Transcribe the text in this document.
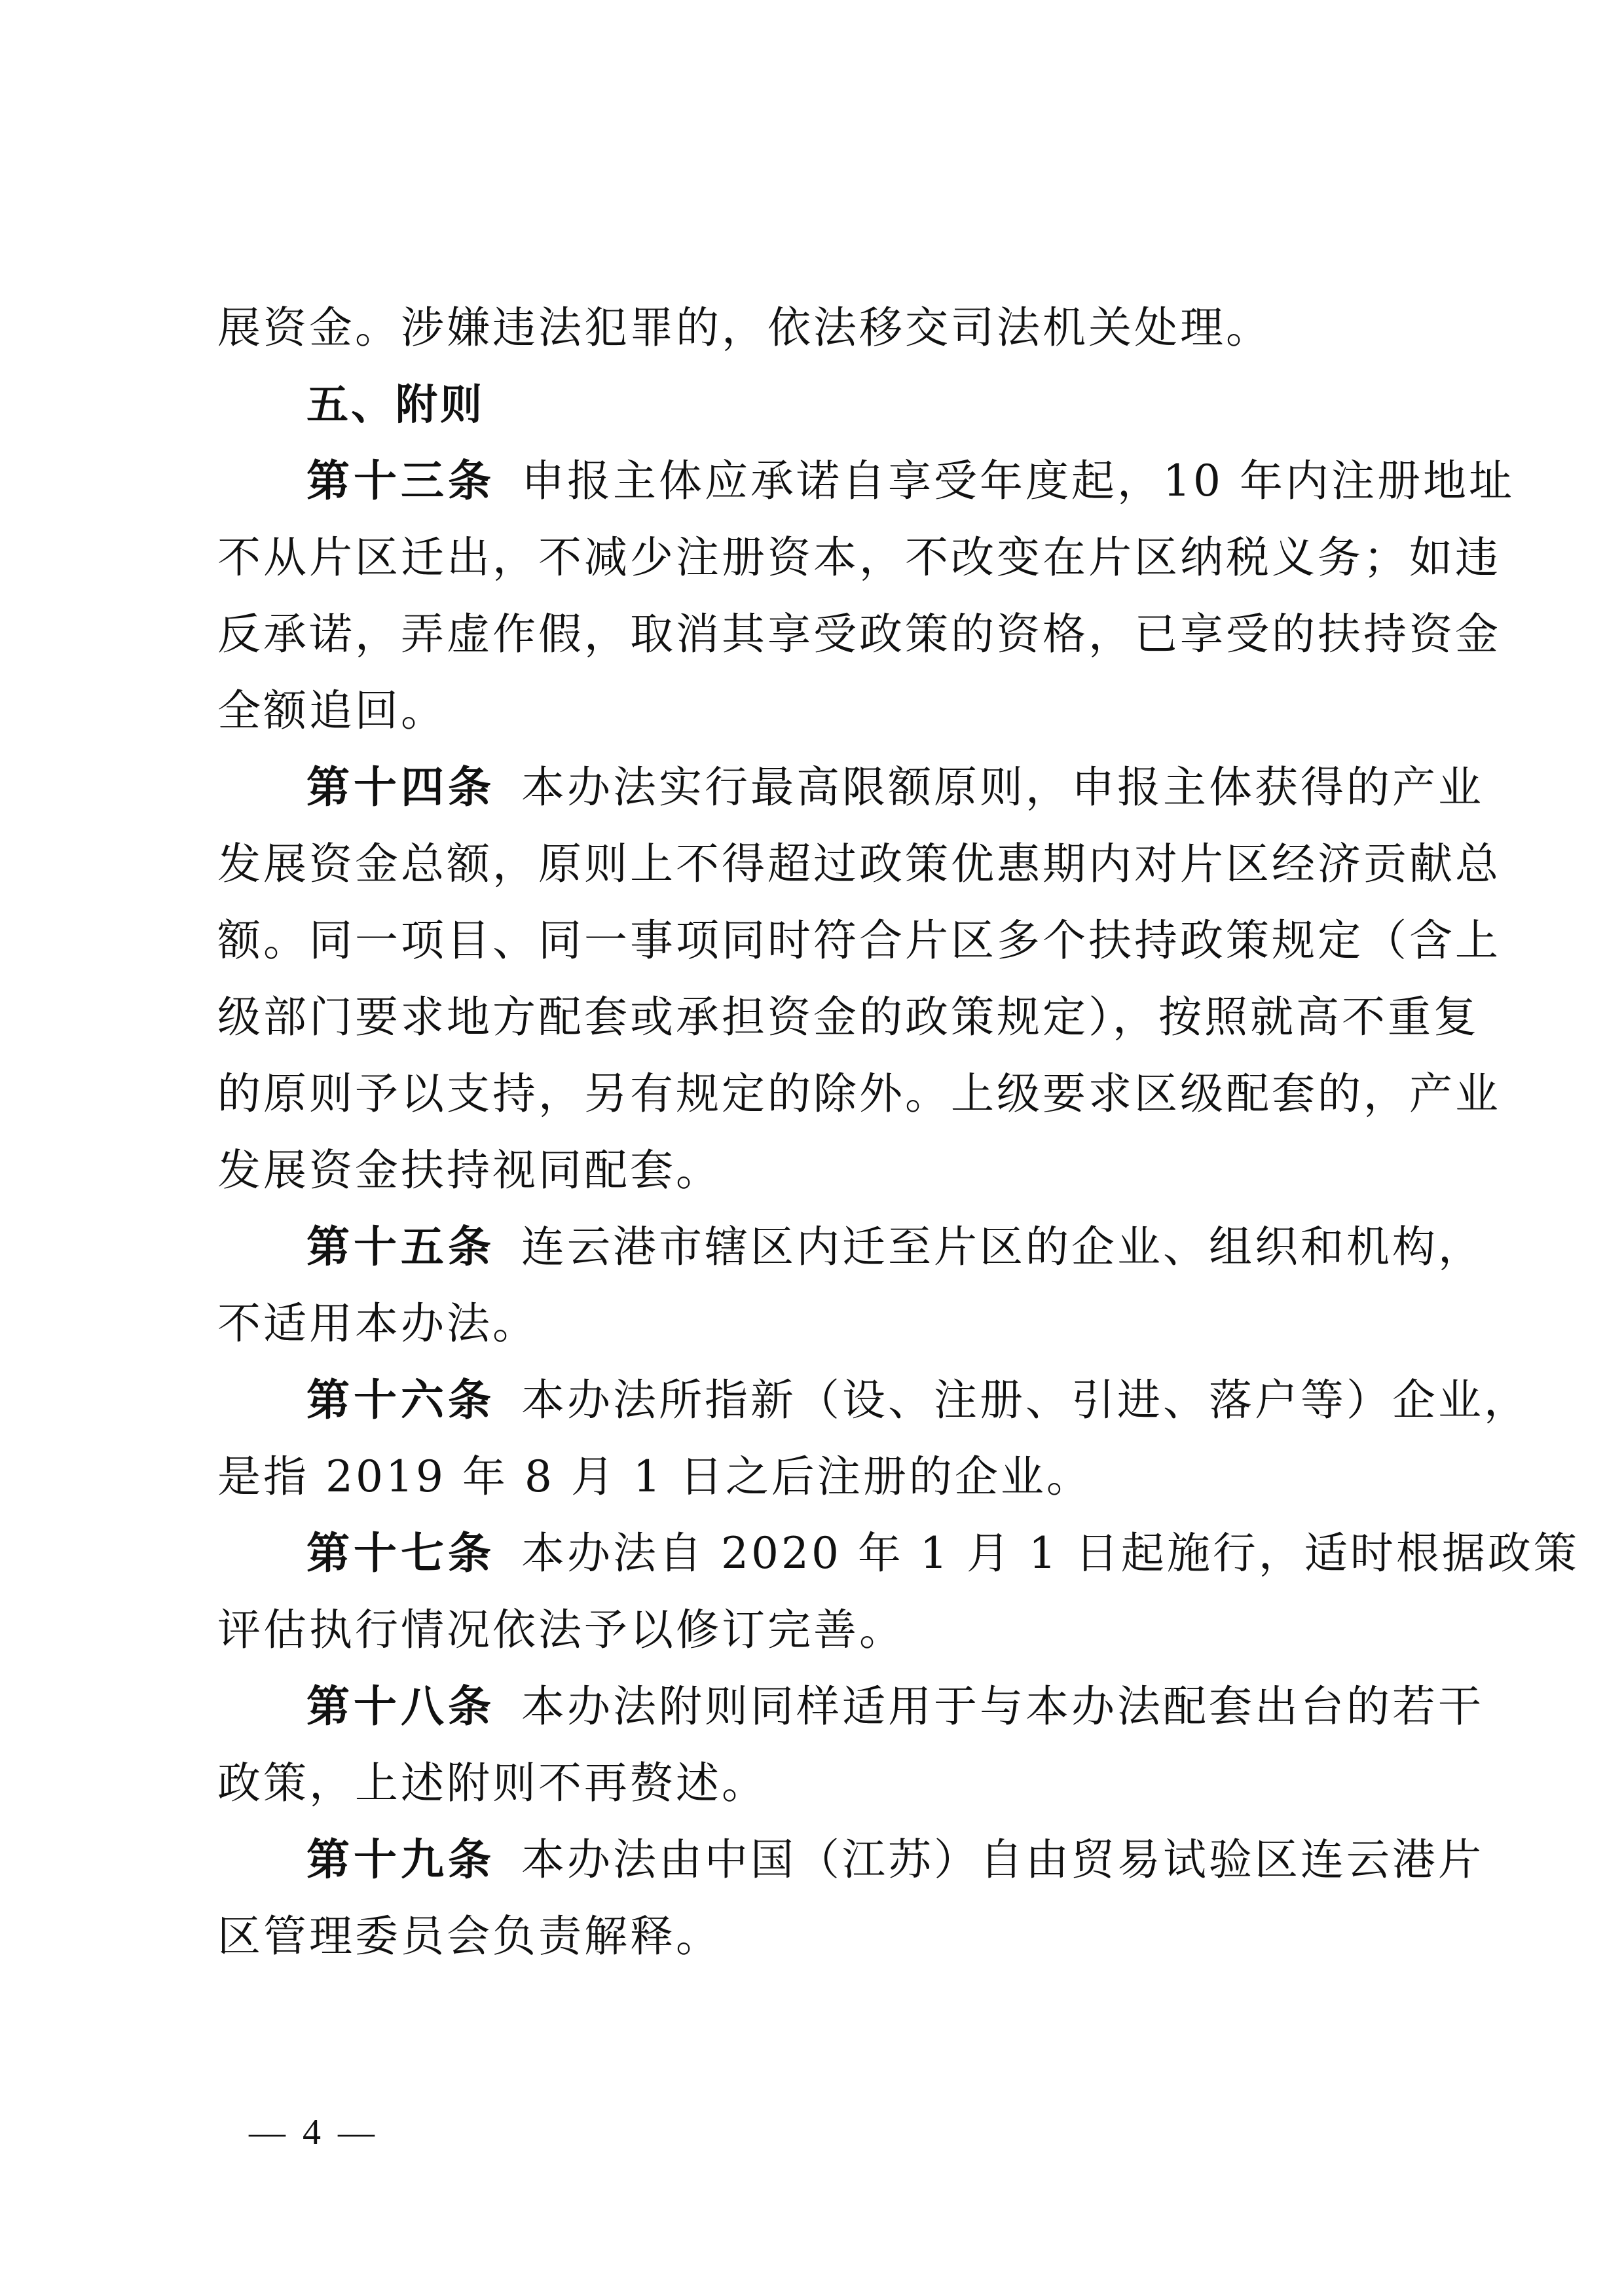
展资金。涉嫌违法犯罪的，依法移交司法机关处理。
五、附则
第十三条 申报主体应承诺自享受年度起，10 年内注册地址
不从片区迁出，不减少注册资本，不改变在片区纳税义务；如违
反承诺，弄虚作假，取消其享受政策的资格，已享受的扶持资金
全额追回。
第十四条 本办法实行最高限额原则，申报主体获得的产业
发展资金总额，原则上不得超过政策优惠期内对片区经济贡献总
额。同一项目、同一事项同时符合片区多个扶持政策规定（含上
级部门要求地方配套或承担资金的政策规定），按照就高不重复
的原则予以支持，另有规定的除外。上级要求区级配套的，产业
发展资金扶持视同配套。
第十五条 连云港市辖区内迁至片区的企业、组织和机构，
不适用本办法。
第十六条 本办法所指新（设、注册、引进、落户等）企业，
是指 2019 年 8 月 1 日之后注册的企业。
第十七条 本办法自 2020 年 1 月 1 日起施行，适时根据政策
评估执行情况依法予以修订完善。
第十八条 本办法附则同样适用于与本办法配套出台的若干
政策，上述附则不再赘述。
第十九条 本办法由中国（江苏）自由贸易试验区连云港片
区管理委员会负责解释。
— 4 —
